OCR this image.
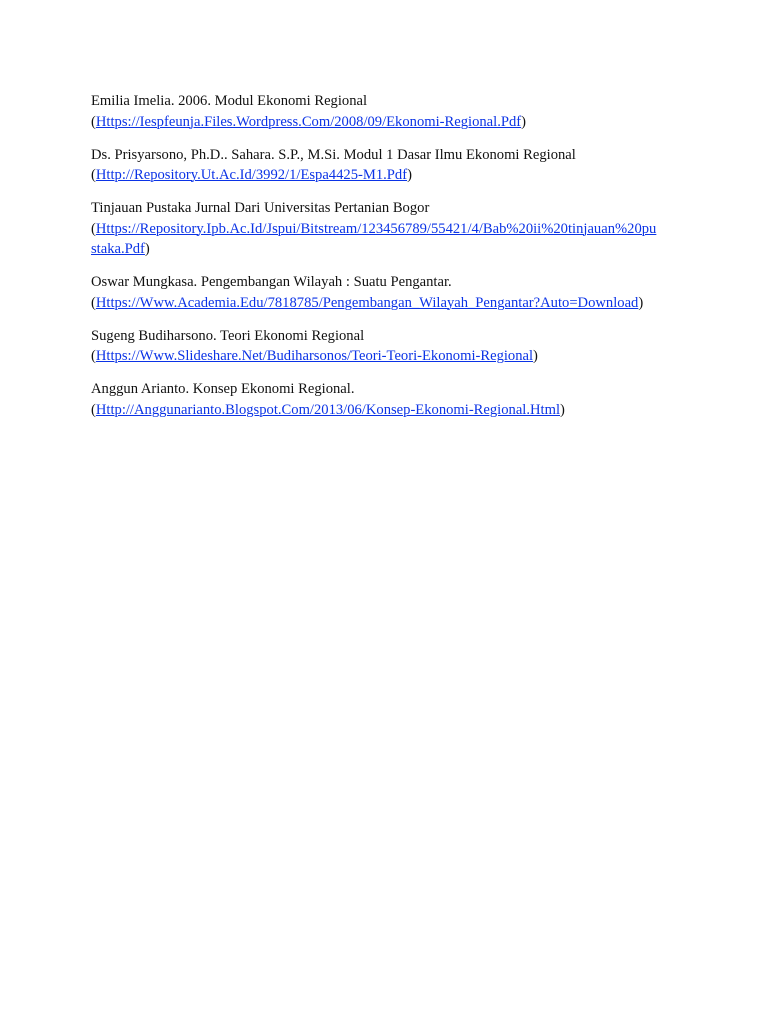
Emilia Imelia. 2006. Modul Ekonomi Regional
(Https://Iespfeunja.Files.Wordpress.Com/2008/09/Ekonomi-Regional.Pdf)
Ds. Prisyarsono, Ph.D.. Sahara. S.P., M.Si. Modul 1 Dasar Ilmu Ekonomi Regional
(Http://Repository.Ut.Ac.Id/3992/1/Espa4425-M1.Pdf)
Tinjauan Pustaka Jurnal Dari Universitas Pertanian Bogor
(Https://Repository.Ipb.Ac.Id/Jspui/Bitstream/123456789/55421/4/Bab%20ii%20tinjauan%20pu
staka.Pdf)
Oswar Mungkasa. Pengembangan Wilayah : Suatu Pengantar.
(Https://Www.Academia.Edu/7818785/Pengembangan_Wilayah_Pengantar?Auto=Download)
Sugeng Budiharsono. Teori Ekonomi Regional
(Https://Www.Slideshare.Net/Budiharsonos/Teori-Teori-Ekonomi-Regional)
Anggun Arianto. Konsep Ekonomi Regional.
(Http://Anggunarianto.Blogspot.Com/2013/06/Konsep-Ekonomi-Regional.Html)
